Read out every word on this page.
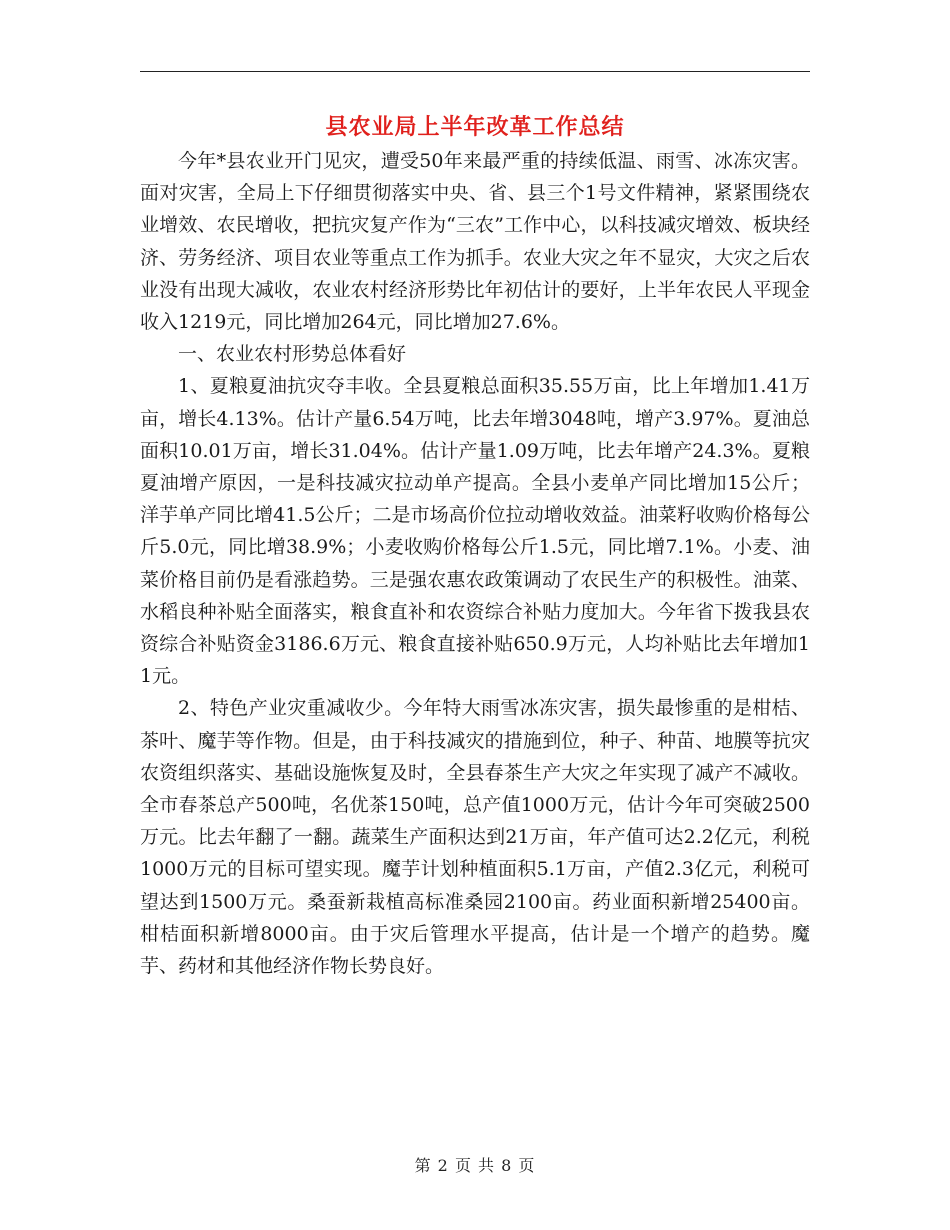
县农业局上半年改革工作总结

今年*县农业开门见灾，遭受50年来最严重的持续低温、雨雪、冰冻灾害。面对灾害，全局上下仔细贯彻落实中央、省、县三个1号文件精神，紧紧围绕农业增效、农民增收，把抗灾复产作为“三农”工作中心，以科技减灾增效、板块经济、劳务经济、项目农业等重点工作为抓手。农业大灾之年不显灾，大灾之后农业没有出现大减收，农业农村经济形势比年初估计的要好，上半年农民人平现金收入1219元，同比增加264元，同比增加27.6%。

一、农业农村形势总体看好

1、夏粮夏油抗灾夺丰收。全县夏粮总面积35.55万亩，比上年增加1.41万亩，增长4.13%。估计产量6.54万吨，比去年增3048吨，增产3.97%。夏油总面积10.01万亩，增长31.04%。估计产量1.09万吨，比去年增产24.3%。夏粮夏油增产原因，一是科技减灾拉动单产提高。全县小麦单产同比增加15公斤；洋芋单产同比增41.5公斤；二是市场高价位拉动增收效益。油菜籽收购价格每公斤5.0元，同比增38.9%；小麦收购价格每公斤1.5元，同比增7.1%。小麦、油菜价格目前仍是看涨趋势。三是强农惠农政策调动了农民生产的积极性。油菜、水稻良种补贴全面落实，粮食直补和农资综合补贴力度加大。今年省下拨我县农资综合补贴资金3186.6万元、粮食直接补贴650.9万元，人均补贴比去年增加11元。

2、特色产业灾重减收少。今年特大雨雪冰冻灾害，损失最惨重的是柑桔、茶叶、魔芋等作物。但是，由于科技减灾的措施到位，种子、种苗、地膜等抗灾农资组织落实、基础设施恢复及时，全县春茶生产大灾之年实现了减产不减收。全市春茶总产500吨，名优茶150吨，总产值1000万元，估计今年可突破2500万元。比去年翻了一翻。蔬菜生产面积达到21万亩，年产值可达2.2亿元，利税1000万元的目标可望实现。魔芋计划种植面积5.1万亩，产值2.3亿元，利税可望达到1500万元。桑蚕新栽植高标准桑园2100亩。药业面积新增25400亩。柑桔面积新增8000亩。由于灾后管理水平提高，估计是一个增产的趋势。魔芋、药材和其他经济作物长势良好。

第 2 页 共 8 页
